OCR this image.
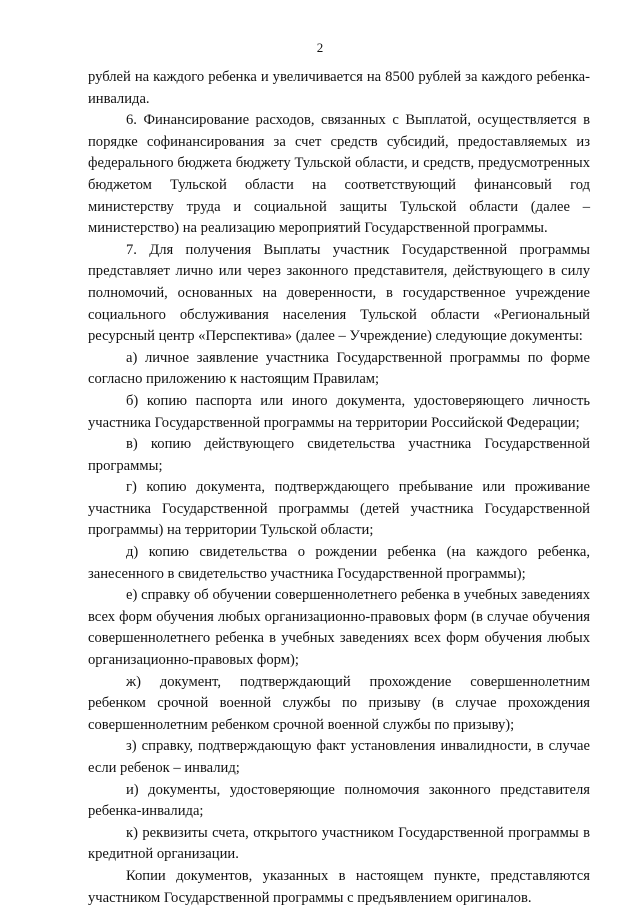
2

рублей на каждого ребенка и увеличивается на 8500 рублей за каждого ребенка-инвалида.

6. Финансирование расходов, связанных с Выплатой, осуществляется в порядке софинансирования за счет средств субсидий, предоставляемых из федерального бюджета бюджету Тульской области, и средств, предусмотренных бюджетом Тульской области на соответствующий финансовый год министерству труда и социальной защиты Тульской области (далее – министерство) на реализацию мероприятий Государственной программы.

7. Для получения Выплаты участник Государственной программы представляет лично или через законного представителя, действующего в силу полномочий, основанных на доверенности, в государственное учреждение социального обслуживания населения Тульской области «Региональный ресурсный центр «Перспектива» (далее – Учреждение) следующие документы:

а) личное заявление участника Государственной программы по форме согласно приложению к настоящим Правилам;

б) копию паспорта или иного документа, удостоверяющего личность участника Государственной программы на территории Российской Федерации;

в) копию действующего свидетельства участника Государственной программы;

г) копию документа, подтверждающего пребывание или проживание участника Государственной программы (детей участника Государственной программы) на территории Тульской области;

д) копию свидетельства о рождении ребенка (на каждого ребенка, занесенного в свидетельство участника Государственной программы);

е) справку об обучении совершеннолетнего ребенка в учебных заведениях всех форм обучения любых организационно-правовых форм (в случае обучения совершеннолетнего ребенка в учебных заведениях всех форм обучения любых организационно-правовых форм);

ж) документ, подтверждающий прохождение совершеннолетним ребенком срочной военной службы по призыву (в случае прохождения совершеннолетним ребенком срочной военной службы по призыву);

з) справку, подтверждающую факт установления инвалидности, в случае если ребенок – инвалид;

и) документы, удостоверяющие полномочия законного представителя ребенка-инвалида;

к) реквизиты счета, открытого участником Государственной программы в кредитной организации.

Копии документов, указанных в настоящем пункте, представляются участником Государственной программы с предъявлением оригиналов.
